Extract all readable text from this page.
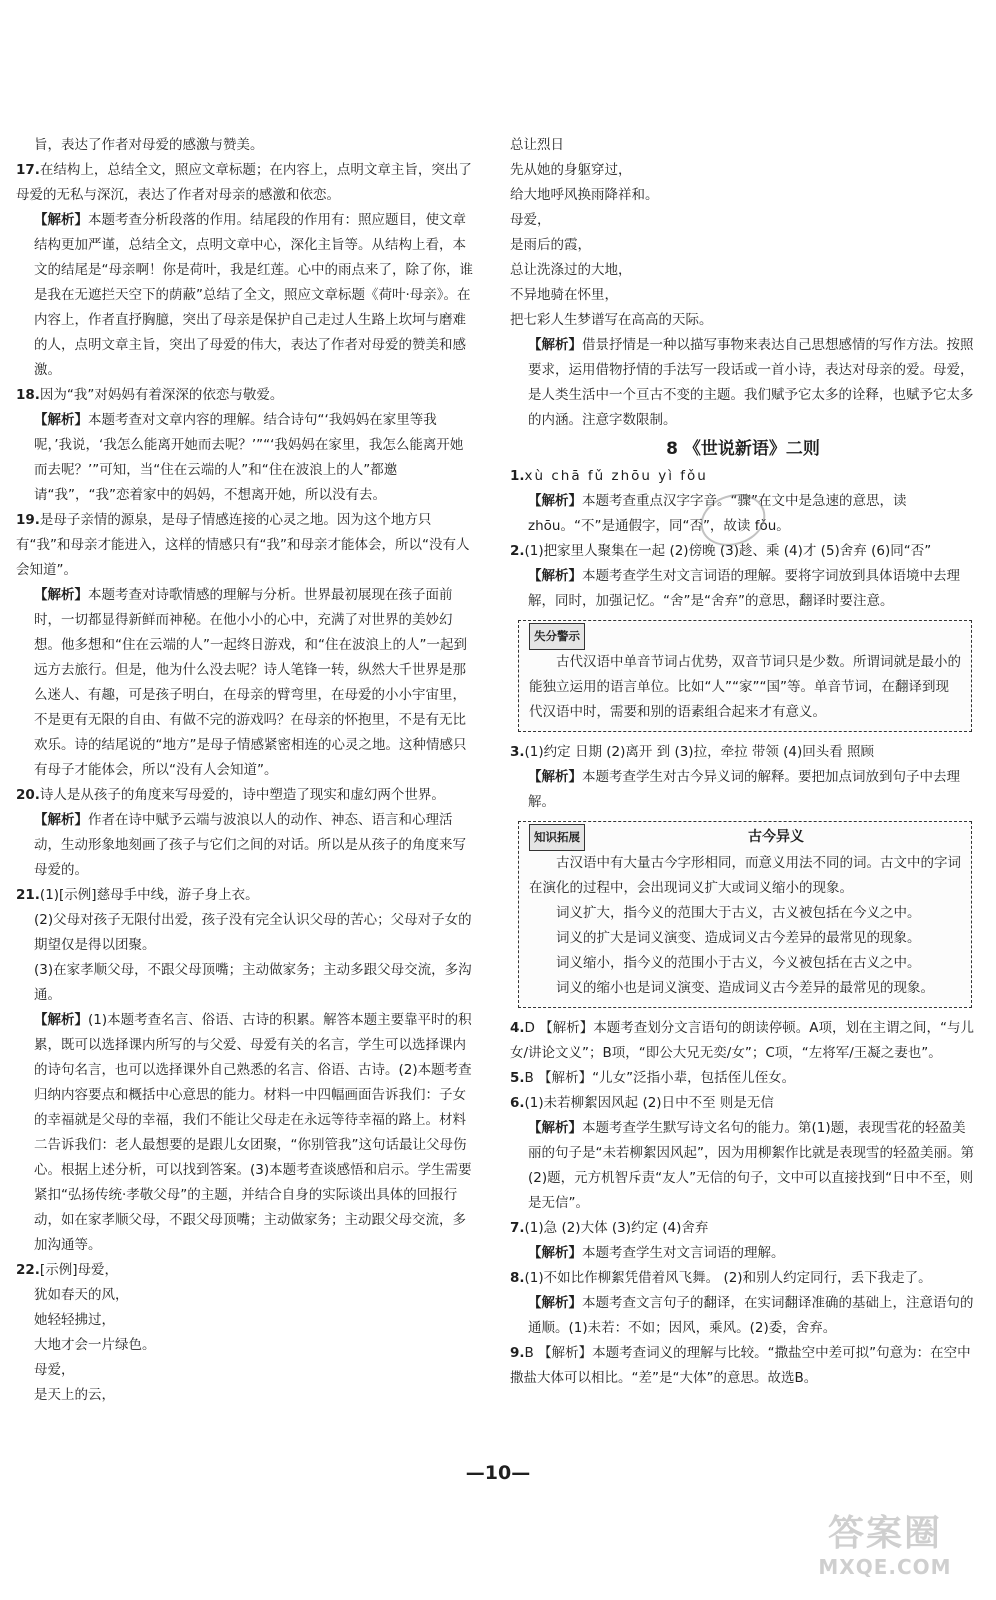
旨，表达了作者对母爱的感激与赞美。
17.在结构上，总结全文，照应文章标题；在内容上，点明文章主旨，突出了母爱的无私与深沉，表达了作者对母亲的感激和依恋。
【解析】本题考查分析段落的作用。结尾段的作用有：照应题目，使文章结构更加严谨，总结全文，点明文章中心，深化主旨等。从结构上看，本文的结尾是“母亲啊！你是荷叶，我是红莲。心中的雨点来了，除了你，谁是我在无遮拦天空下的荫蔽”总结了全文，照应文章标题《荷叶·母亲》。在内容上，作者直抒胸臆，突出了母亲是保护自己走过人生路上坎坷与磨难的人，点明文章主旨，突出了母爱的伟大，表达了作者对母爱的赞美和感激。
18.因为“我”对妈妈有着深深的依恋与敬爱。
【解析】本题考查对文章内容的理解。结合诗句“‘我妈妈在家里等我呢，’我说，‘我怎么能离开她而去呢？’”“‘我妈妈在家里，我怎么能离开她而去呢？’”可知，当“住在云端的人”和“住在波浪上的人”都邀请“我”，“我”恋着家中的妈妈，不想离开她，所以没有去。
19.是母子亲情的源泉，是母子情感连接的心灵之地。因为这个地方只有“我”和母亲才能进入，这样的情感只有“我”和母亲才能体会，所以“没有人会知道”。
【解析】本题考查对诗歌情感的理解与分析。世界最初展现在孩子面前时，一切都显得新鲜而神秘。在他小小的心中，充满了对世界的美妙幻想。他多想和“住在云端的人”一起终日游戏，和“住在波浪上的人”一起到远方去旅行。但是，他为什么没去呢？诗人笔锋一转，纵然大千世界是那么迷人、有趣，可是孩子明白，在母亲的臂弯里，在母爱的小小宇宙里，不是更有无限的自由、有做不完的游戏吗？在母亲的怀抱里，不是有无比欢乐。诗的结尾说的“地方”是母子情感紧密相连的心灵之地。这种情感只有母子才能体会，所以“没有人会知道”。
20.诗人是从孩子的角度来写母爱的，诗中塑造了现实和虚幻两个世界。
【解析】作者在诗中赋予云端与波浪以人的动作、神态、语言和心理活动，生动形象地刻画了孩子与它们之间的对话。所以是从孩子的角度来写母爱的。
21.(1)[示例]慈母手中线，游子身上衣。
(2)父母对孩子无限付出爱，孩子没有完全认识父母的苦心；父母对子女的期望仅是得以团聚。
(3)在家孝顺父母，不跟父母顶嘴；主动做家务；主动多跟父母交流，多沟通。
【解析】(1)本题考查名言、俗语、古诗的积累。解答本题主要靠平时的积累，既可以选择课内所写的与父爱、母爱有关的名言，学生可以选择课内的诗句名言，也可以选择课外自己熟悉的名言、俗语、古诗。(2)本题考查归纳内容要点和概括中心意思的能力。材料一中四幅画面告诉我们：子女的幸福就是父母的幸福，我们不能让父母走在永远等待幸福的路上。材料二告诉我们：老人最想要的是跟儿女团聚，“你别管我”这句话最让父母伤心。根据上述分析，可以找到答案。(3)本题考查谈感悟和启示。学生需要紧扣“弘扬传统·孝敬父母”的主题，并结合自身的实际谈出具体的回报行动，如在家孝顺父母，不跟父母顶嘴；主动做家务；主动跟父母交流，多加沟通等。
22.[示例]母爱，
犹如春天的风，
她轻轻拂过，
大地才会一片绿色。
母爱，
是天上的云，
总让烈日
先从她的身躯穿过，
给大地呼风换雨降祥和。
母爱，
是雨后的霞，
总让洗涤过的大地，
不异地骑在怀里，
把七彩人生梦谱写在高高的天际。
【解析】借景抒情是一种以描写事物来表达自己思想感情的写作方法。按照要求，运用借物抒情的手法写一段话或一首小诗，表达对母亲的爱。母爱，是人类生活中一个亘古不变的主题。我们赋予它太多的诠释，也赋予它太多的内涵。注意字数限制。
8 《世说新语》二则
1.xù chā fǔ zhōu yì fǒu
【解析】本题考查重点汉字字音。“骤”在文中是急速的意思，读 zhōu。“不”是通假字，同“否”，故读 fǒu。
2.(1)把家里人聚集在一起 (2)傍晚 (3)趁、乘 (4)才 (5)舍弃 (6)同“否”
【解析】本题考查学生对文言词语的理解。要将字词放到具体语境中去理解，同时，加强记忆。“舍”是“舍弃”的意思，翻译时要注意。
失分警示
古代汉语中单音节词占优势，双音节词只是少数。所谓词就是最小的能独立运用的语言单位。比如“人”“家”“国”等。单音节词，在翻译到现代汉语中时，需要和别的语素组合起来才有意义。
3.(1)约定 日期 (2)离开 到 (3)拉，牵拉 带领 (4)回头看 照顾
【解析】本题考查学生对古今异义词的解释。要把加点词放到句子中去理解。
知识拓展	古今异义
古汉语中有大量古今字形相同，而意义用法不同的词。古文中的字词在演化的过程中，会出现词义扩大或词义缩小的现象。
词义扩大，指今义的范围大于古义，古义被包括在今义之中。
词义的扩大是词义演变、造成词义古今差异的最常见的现象。
词义缩小，指今义的范围小于古义，今义被包括在古义之中。
词义的缩小也是词义演变、造成词义古今差异的最常见的现象。
4.D 【解析】本题考查划分文言语句的朗读停顿。A项，划在主谓之间，“与儿女/讲论文义”；B项，“即公大兄无奕/女”；C项，“左将军/王凝之妻也”。
5.B 【解析】“儿女”泛指小辈，包括侄儿侄女。
6.(1)未若柳絮因风起 (2)日中不至 则是无信
【解析】本题考查学生默写诗文名句的能力。第(1)题，表现雪花的轻盈美丽的句子是“未若柳絮因风起”，因为用柳絮作比就是表现雪的轻盈美丽。第(2)题，元方机智斥责“友人”无信的句子，文中可以直接找到“日中不至，则是无信”。
7.(1)急 (2)大体 (3)约定 (4)舍弃
【解析】本题考查学生对文言词语的理解。
8.(1)不如比作柳絮凭借着风飞舞。 (2)和别人约定同行，丢下我走了。
【解析】本题考查文言句子的翻译，在实词翻译准确的基础上，注意语句的通顺。(1)未若：不如；因风，乘风。(2)委，舍弃。
9.B 【解析】本题考查词义的理解与比较。“撒盐空中差可拟”句意为：在空中撒盐大体可以相比。“差”是“大体”的意思。故选B。
—10—
答案圈
MXQE.COM
